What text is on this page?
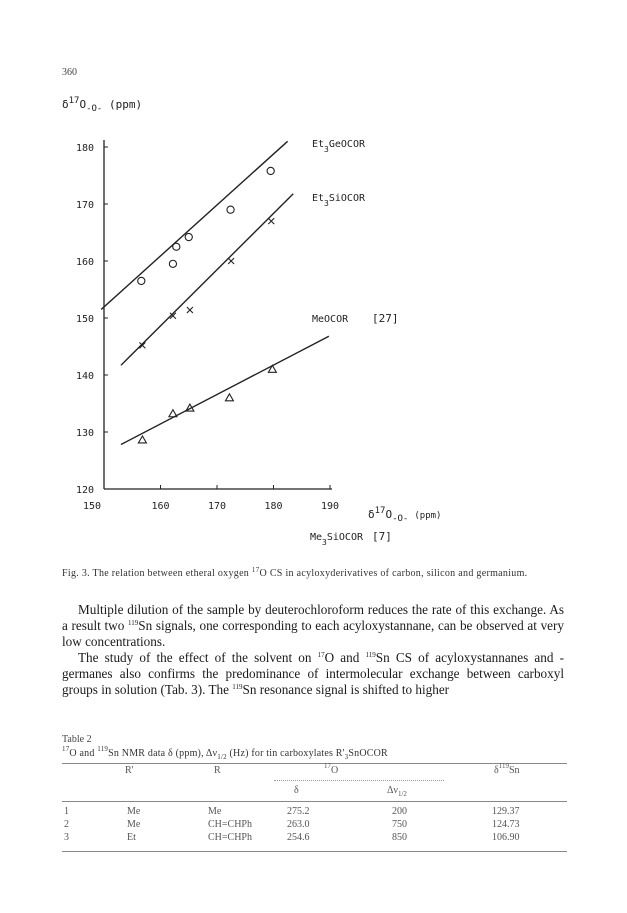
360
$\delta^{17}O_{-O-}$ (ppm)
120
130
140
150
160
170
180
150	160	170	180	190
$Et_3GeOCOR$
$Et_3SiOCOR$
MeOCOR [27]
$\delta^{17}O_{-O-}$ $^{(ppm)}$
$Me_3SiOCOR$ [7]
Fig. 3. The relation between etheral oxygen $^{17}$O CS in acyloxyderivatives of carbon, silicon and germanium.

Multiple dilution of the sample by deuterochloroform reduces the rate of this exchange. As a result two $^{119}$Sn signals, one corresponding to each acyloxystannane, can be observed at very low concentrations.

The study of the effect of the solvent on $^{17}$O and $^{119}$Sn CS of acyloxystannanes and -germanes also confirms the predominance of intermolecular exchange between carboxyl groups in solution (Tab. 3). The $^{119}$Sn resonance signal is shifted to higher

Table 2
$^{17}$O and $^{119}$Sn NMR data δ (ppm), $\Delta\nu_{1/2}$ (Hz) for tin carboxylates $R'_3SnOCOR$
R'	R	$^{17}$O	$\delta^{119}Sn$
δ	$\Delta\nu_{1/2}$
1	Me	Me	275.2	200	129.37
2	Me	CH=CHPh	263.0	750	124.73
3	Et	CH=CHPh	254.6	850	106.90
